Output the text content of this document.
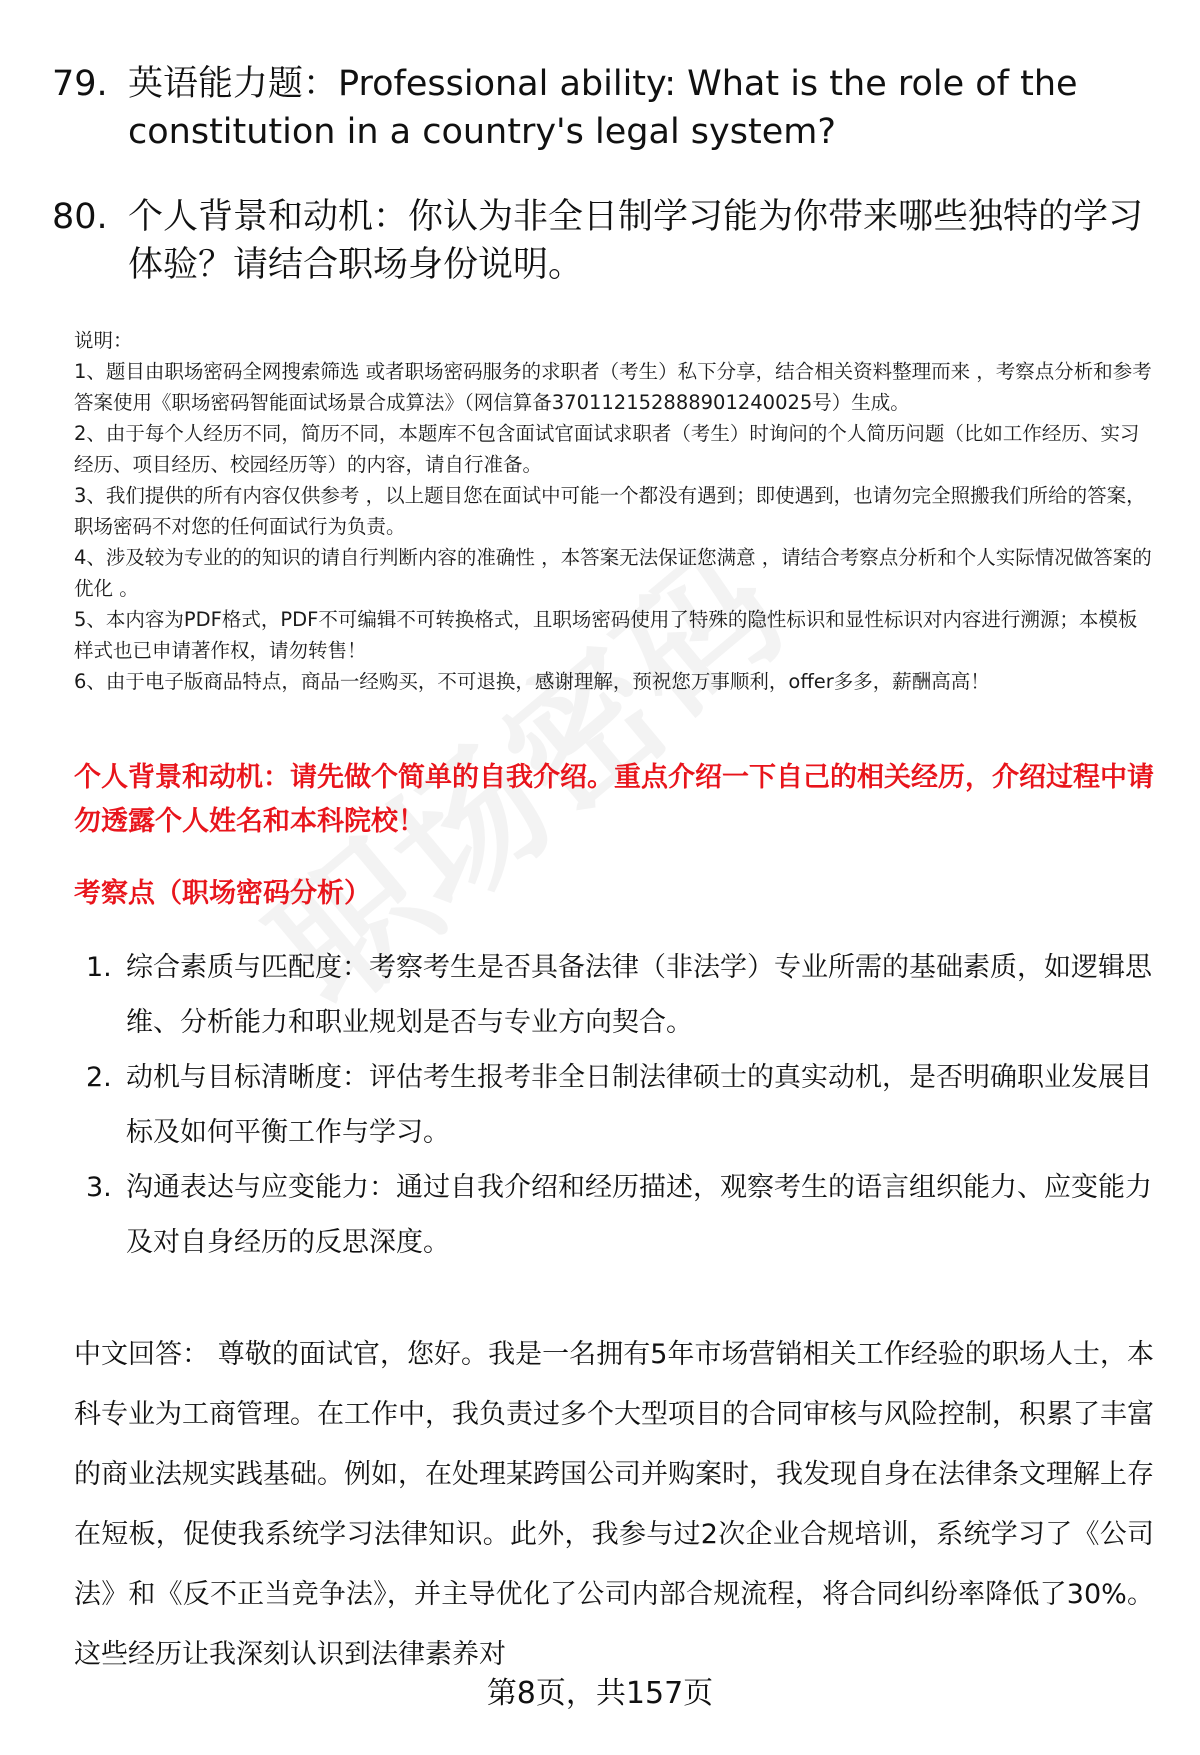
79. 英语能力题：Professional ability: What is the role of the constitution in a country's legal system?
80. 个人背景和动机：你认为非全日制学习能为你带来哪些独特的学习体验？请结合职场身份说明。

说明：

1、题目由职场密码全网搜索筛选 或者职场密码服务的求职者（考生）私下分享，结合相关资料整理而来 ，考察点分析和参考答案使用《职场密码智能面试场景合成算法》（网信算备370112152888901240025号）生成。

2、由于每个人经历不同，简历不同，本题库不包含面试官面试求职者（考生）时询问的个人简历问题（比如工作经历、实习经历、项目经历、校园经历等）的内容，请自行准备。

3、我们提供的所有内容仅供参考 ，以上题目您在面试中可能一个都没有遇到；即使遇到，也请勿完全照搬我们所给的答案，职场密码不对您的任何面试行为负责。

4、涉及较为专业的的知识的请自行判断内容的准确性 ，本答案无法保证您满意 ，请结合考察点分析和个人实际情况做答案的优化 。

5、本内容为PDF格式，PDF不可编辑不可转换格式，且职场密码使用了特殊的隐性标识和显性标识对内容进行溯源；本模板样式也已申请著作权，请勿转售！

6、由于电子版商品特点，商品一经购买，不可退换，感谢理解，预祝您万事顺利，offer多多，薪酬高高！

个人背景和动机：请先做个简单的自我介绍。重点介绍一下自己的相关经历，介绍过程中请勿透露个人姓名和本科院校！
考察点（职场密码分析）
1. 综合素质与匹配度：考察考生是否具备法律（非法学）专业所需的基础素质，如逻辑思维、分析能力和职业规划是否与专业方向契合。
2. 动机与目标清晰度：评估考生报考非全日制法律硕士的真实动机，是否明确职业发展目标及如何平衡工作与学习。
3. 沟通表达与应变能力：通过自我介绍和经历描述，观察考生的语言组织能力、应变能力及对自身经历的反思深度。
中文回答： 尊敬的面试官，您好。我是一名拥有5年市场营销相关工作经验的职场人士，本科专业为工商管理。在工作中，我负责过多个大型项目的合同审核与风险控制，积累了丰富的商业法规实践基础。例如，在处理某跨国公司并购案时，我发现自身在法律条文理解上存在短板，促使我系统学习法律知识。此外，我参与过2次企业合规培训，系统学习了《公司法》和《反不正当竞争法》，并主导优化了公司内部合规流程，将合同纠纷率降低了30%。这些经历让我深刻认识到法律素养对
第8页，共157页
